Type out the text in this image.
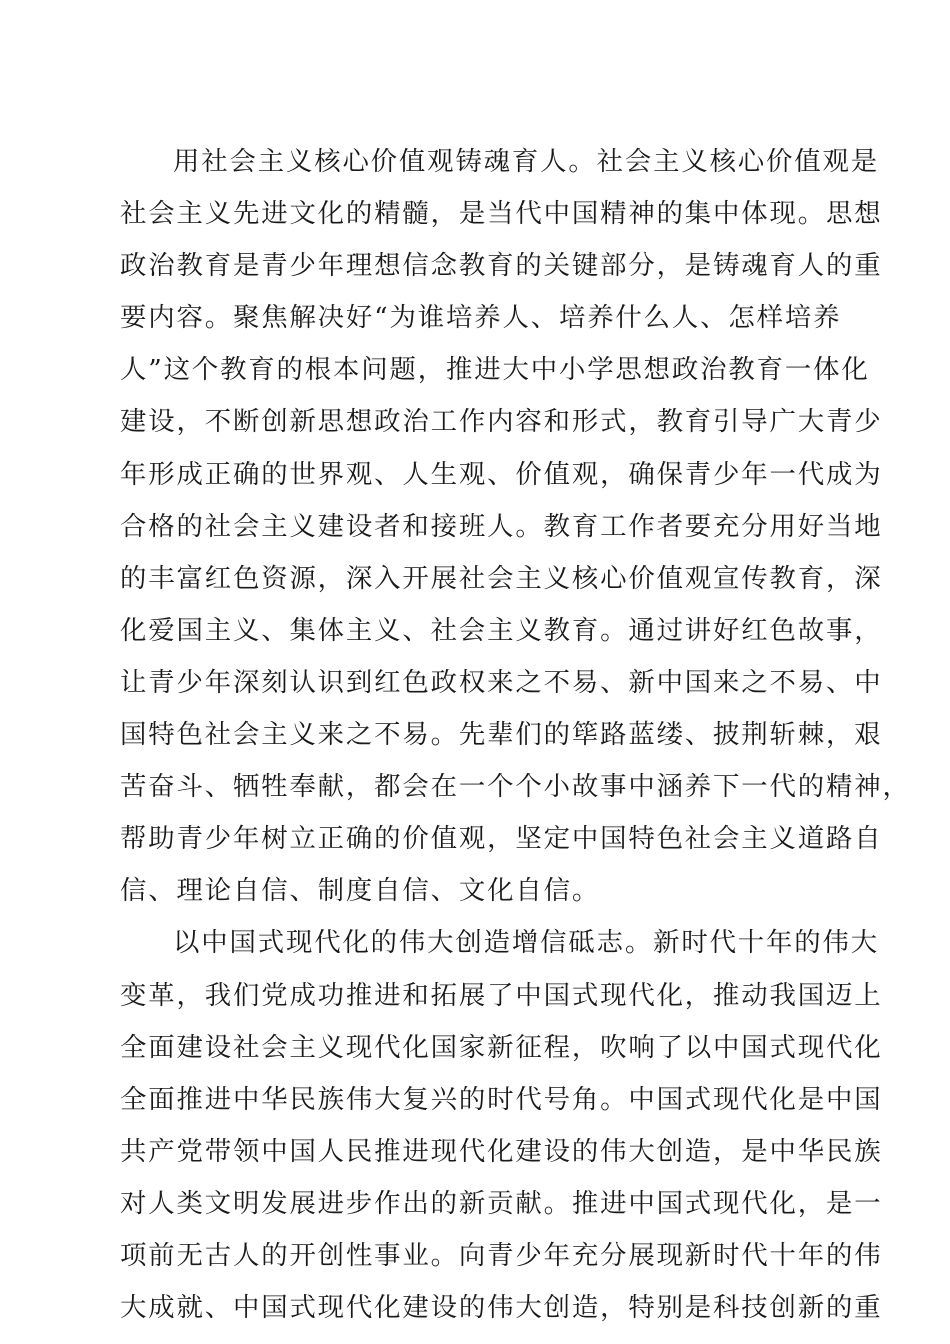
用社会主义核心价值观铸魂育人。社会主义核心价值观是
社会主义先进文化的精髓，是当代中国精神的集中体现。思想
政治教育是青少年理想信念教育的关键部分，是铸魂育人的重
要内容。聚焦解决好“为谁培养人、培养什么人、怎样培养
人”这个教育的根本问题，推进大中小学思想政治教育一体化
建设，不断创新思想政治工作内容和形式，教育引导广大青少
年形成正确的世界观、人生观、价值观，确保青少年一代成为
合格的社会主义建设者和接班人。教育工作者要充分用好当地
的丰富红色资源，深入开展社会主义核心价值观宣传教育，深
化爱国主义、集体主义、社会主义教育。通过讲好红色故事，
让青少年深刻认识到红色政权来之不易、新中国来之不易、中
国特色社会主义来之不易。先辈们的筚路蓝缕、披荆斩棘，艰
苦奋斗、牺牲奉献，都会在一个个小故事中涵养下一代的精神，
帮助青少年树立正确的价值观，坚定中国特色社会主义道路自
信、理论自信、制度自信、文化自信。
以中国式现代化的伟大创造增信砥志。新时代十年的伟大
变革，我们党成功推进和拓展了中国式现代化，推动我国迈上
全面建设社会主义现代化国家新征程，吹响了以中国式现代化
全面推进中华民族伟大复兴的时代号角。中国式现代化是中国
共产党带领中国人民推进现代化建设的伟大创造，是中华民族
对人类文明发展进步作出的新贡献。推进中国式现代化，是一
项前无古人的开创性事业。向青少年充分展现新时代十年的伟
大成就、中国式现代化建设的伟大创造，特别是科技创新的重
